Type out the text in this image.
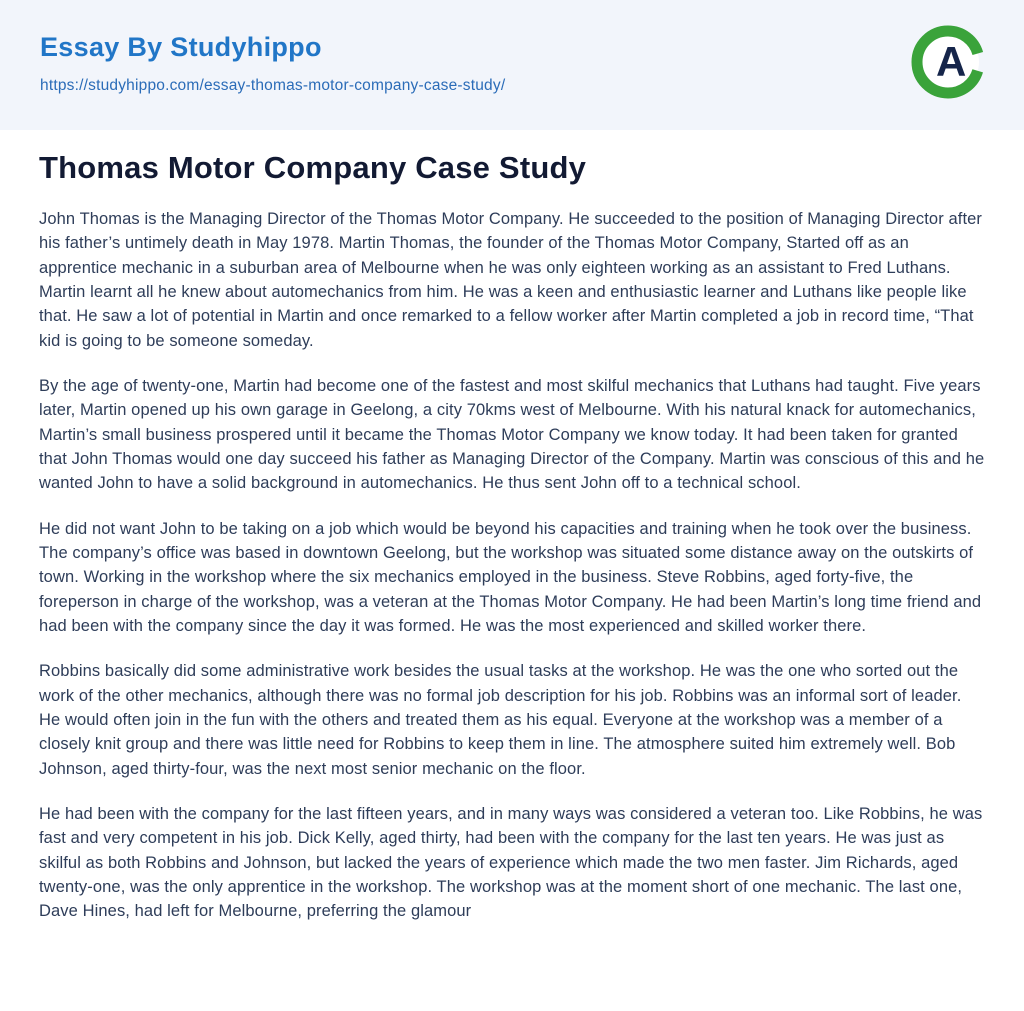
Essay By Studyhippo
https://studyhippo.com/essay-thomas-motor-company-case-study/
A
Thomas Motor Company Case Study

John Thomas is the Managing Director of the Thomas Motor Company. He succeeded to the position of Managing Director after his father’s untimely death in May 1978. Martin Thomas, the founder of the Thomas Motor Company, Started off as an apprentice mechanic in a suburban area of Melbourne when he was only eighteen working as an assistant to Fred Luthans. Martin learnt all he knew about automechanics from him. He was a keen and enthusiastic learner and Luthans like people like that. He saw a lot of potential in Martin and once remarked to a fellow worker after Martin completed a job in record time, “That kid is going to be someone someday.

By the age of twenty-one, Martin had become one of the fastest and most skilful mechanics that Luthans had taught. Five years later, Martin opened up his own garage in Geelong, a city 70kms west of Melbourne. With his natural knack for automechanics, Martin’s small business prospered until it became the Thomas Motor Company we know today. It had been taken for granted that John Thomas would one day succeed his father as Managing Director of the Company. Martin was conscious of this and he wanted John to have a solid background in automechanics. He thus sent John off to a technical school.

He did not want John to be taking on a job which would be beyond his capacities and training when he took over the business. The company’s office was based in downtown Geelong, but the workshop was situated some distance away on the outskirts of town. Working in the workshop where the six mechanics employed in the business. Steve Robbins, aged forty-five, the foreperson in charge of the workshop, was a veteran at the Thomas Motor Company. He had been Martin’s long time friend and had been with the company since the day it was formed. He was the most experienced and skilled worker there.

Robbins basically did some administrative work besides the usual tasks at the workshop. He was the one who sorted out the work of the other mechanics, although there was no formal job description for his job. Robbins was an informal sort of leader. He would often join in the fun with the others and treated them as his equal. Everyone at the workshop was a member of a closely knit group and there was little need for Robbins to keep them in line. The atmosphere suited him extremely well. Bob Johnson, aged thirty-four, was the next most senior mechanic on the floor.

He had been with the company for the last fifteen years, and in many ways was considered a veteran too. Like Robbins, he was fast and very competent in his job. Dick Kelly, aged thirty, had been with the company for the last ten years. He was just as skilful as both Robbins and Johnson, but lacked the years of experience which made the two men faster. Jim Richards, aged twenty-one, was the only apprentice in the workshop. The workshop was at the moment short of one mechanic. The last one, Dave Hines, had left for Melbourne, preferring the glamour
